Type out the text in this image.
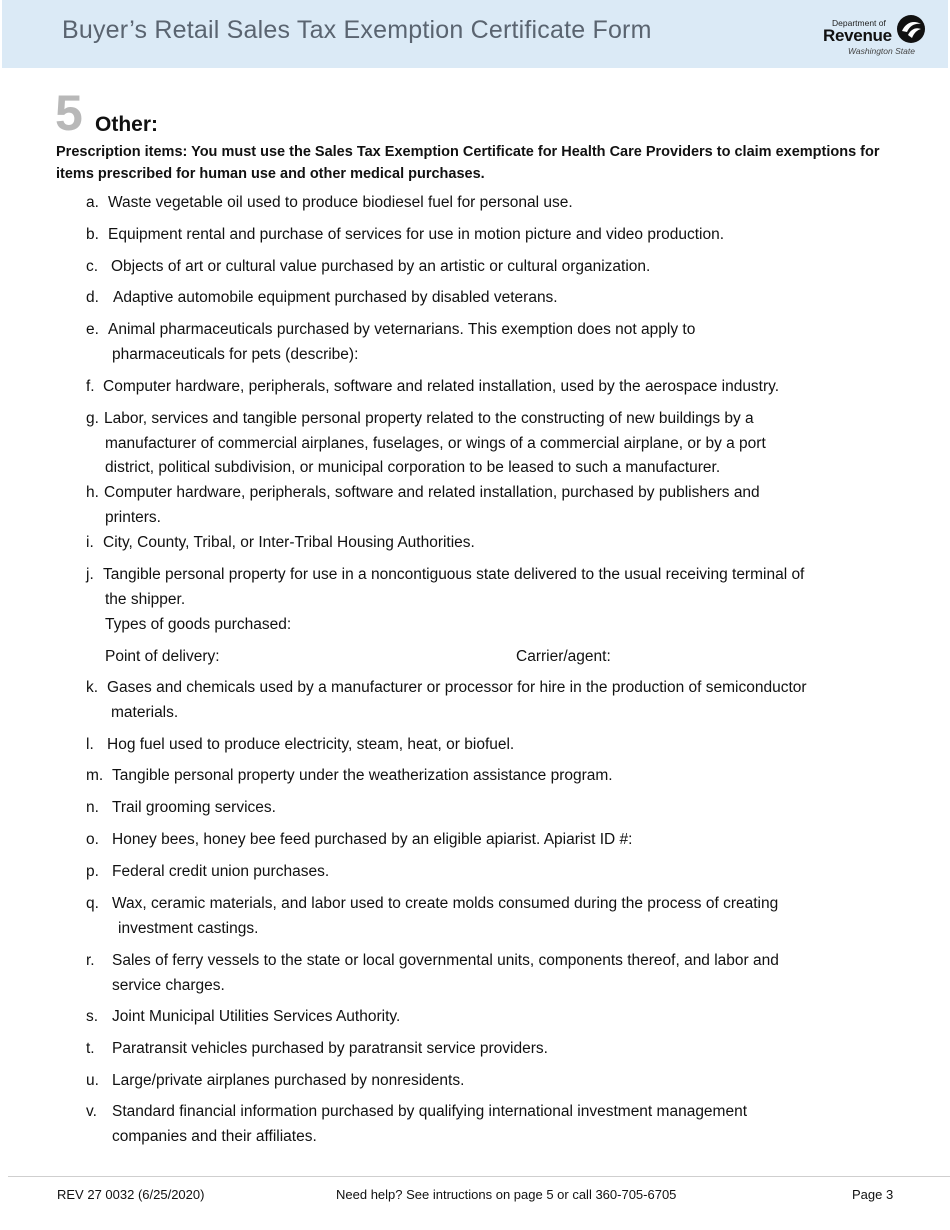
Buyer’s Retail Sales Tax Exemption Certificate Form	Department of
Revenue
Washington State
5 Other:
Prescription items: You must use the Sales Tax Exemption Certificate for Health Care Providers to claim exemptions for
items prescribed for human use and other medical purchases.
a. Waste vegetable oil used to produce biodiesel fuel for personal use.
b. Equipment rental and purchase of services for use in motion picture and video production.
c. Objects of art or cultural value purchased by an artistic or cultural organization.
d. Adaptive automobile equipment purchased by disabled veterans.
e. Animal pharmaceuticals purchased by veternarians. This exemption does not apply to
pharmaceuticals for pets (describe):
f. Computer hardware, peripherals, software and related installation, used by the aerospace industry.
g. Labor, services and tangible personal property related to the constructing of new buildings by a
manufacturer of commercial airplanes, fuselages, or wings of a commercial airplane, or by a port
district, political subdivision, or municipal corporation to be leased to such a manufacturer.
h. Computer hardware, peripherals, software and related installation, purchased by publishers and
printers.
i. City, County, Tribal, or Inter-Tribal Housing Authorities.
j. Tangible personal property for use in a noncontiguous state delivered to the usual receiving terminal of
the shipper.
Types of goods purchased:
Point of delivery:	Carrier/agent:
k. Gases and chemicals used by a manufacturer or processor for hire in the production of semiconductor
materials.
l. Hog fuel used to produce electricity, steam, heat, or biofuel.
m. Tangible personal property under the weatherization assistance program.
n. Trail grooming services.
o. Honey bees, honey bee feed purchased by an eligible apiarist. Apiarist ID #:
p. Federal credit union purchases.
q. Wax, ceramic materials, and labor used to create molds consumed during the process of creating
investment castings.
r. Sales of ferry vessels to the state or local governmental units, components thereof, and labor and
service charges.
s. Joint Municipal Utilities Services Authority.
t. Paratransit vehicles purchased by paratransit service providers.
u. Large/private airplanes purchased by nonresidents.
v. Standard financial information purchased by qualifying international investment management
companies and their affiliates.
REV 27 0032 (6/25/2020)	Need help? See intructions on page 5 or call 360-705-6705	Page 3
